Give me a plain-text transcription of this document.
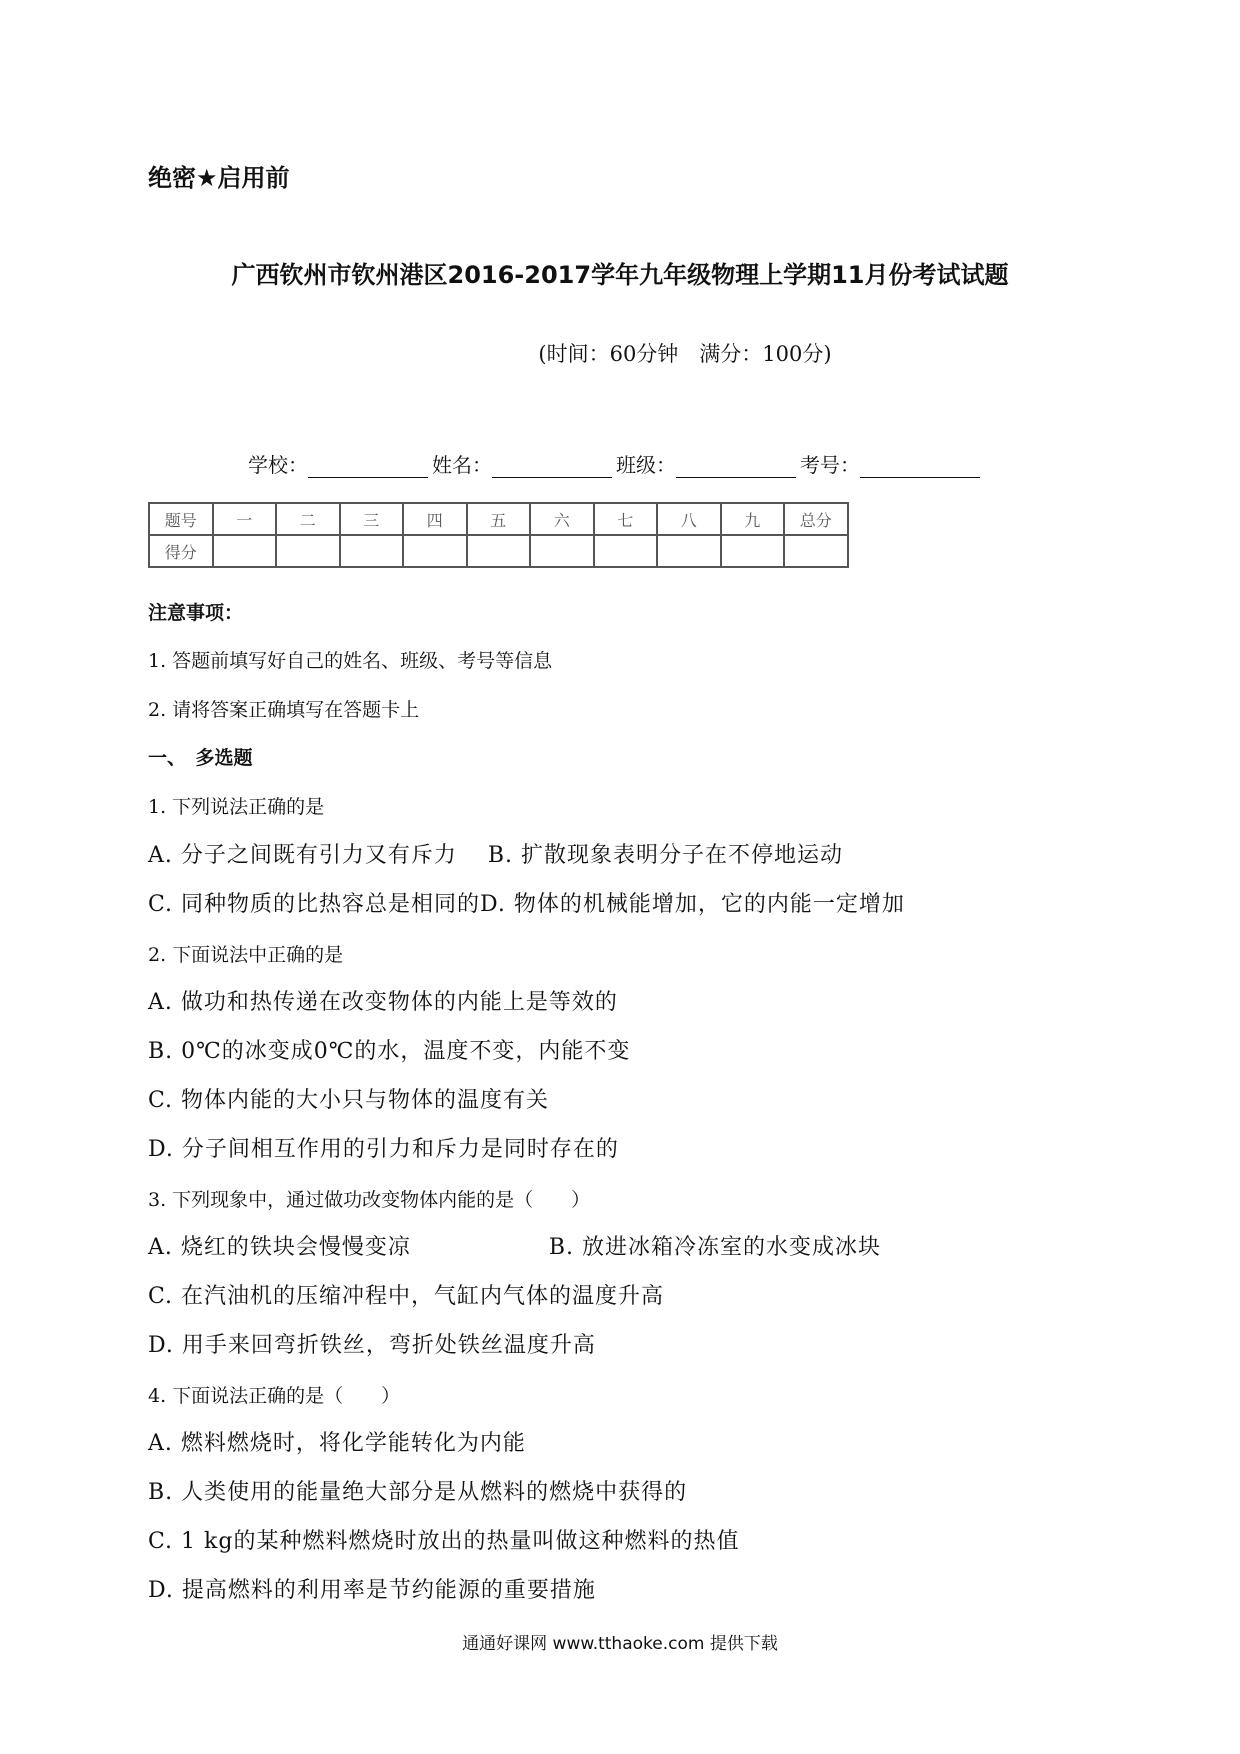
绝密★启用前
广西钦州市钦州港区2016-2017学年九年级物理上学期11月份考试试题
(时间：60分钟　满分：100分)
学校：	姓名：	班级：	考号：
题号	一	二	三	四	五	六	七	八	九	总分
得分										
注意事项：
1. 答题前填写好自己的姓名、班级、考号等信息
2. 请将答案正确填写在答题卡上
一、　多选题
1. 下列说法正确的是
A. 分子之间既有引力又有斥力　 B. 扩散现象表明分子在不停地运动
C. 同种物质的比热容总是相同的D. 物体的机械能增加，它的内能一定增加
2. 下面说法中正确的是
A. 做功和热传递在改变物体的内能上是等效的
B. 0℃的冰变成0℃的水，温度不变，内能不变
C. 物体内能的大小只与物体的温度有关
D. 分子间相互作用的引力和斥力是同时存在的
3. 下列现象中，通过做功改变物体内能的是（　　）
A. 烧红的铁块会慢慢变凉　　　　　　B. 放进冰箱冷冻室的水变成冰块
C. 在汽油机的压缩冲程中，气缸内气体的温度升高
D. 用手来回弯折铁丝，弯折处铁丝温度升高
4. 下面说法正确的是（　　）
A. 燃料燃烧时，将化学能转化为内能
B. 人类使用的能量绝大部分是从燃料的燃烧中获得的
C. 1 kg的某种燃料燃烧时放出的热量叫做这种燃料的热值
D. 提高燃料的利用率是节约能源的重要措施
通通好课网 www.tthaoke.com 提供下载
